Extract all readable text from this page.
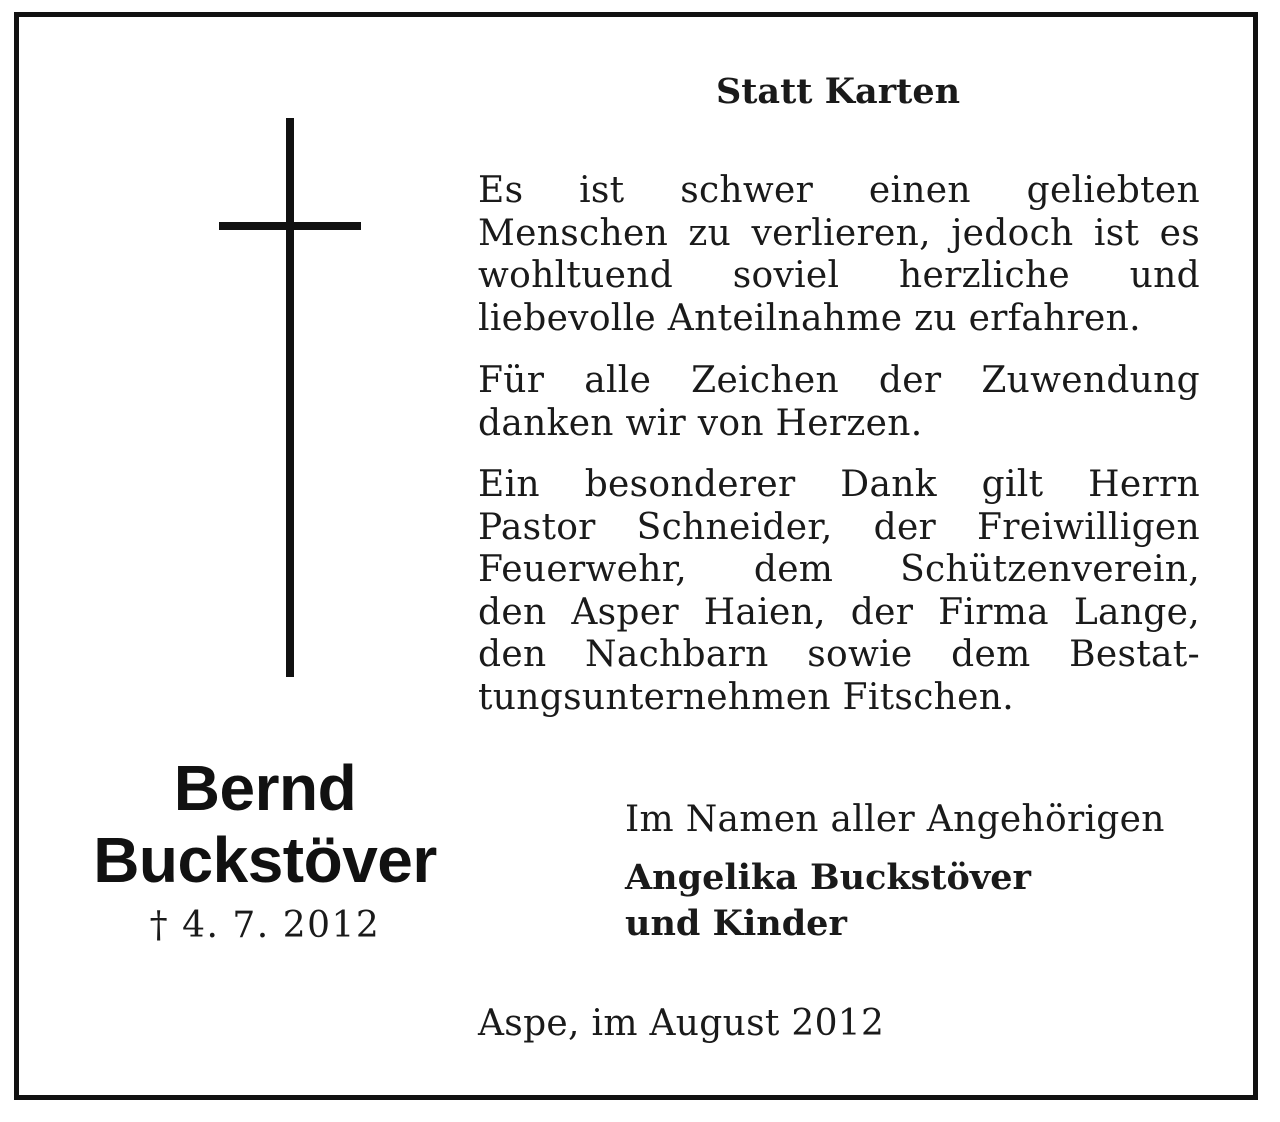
Statt Karten
Es ist schwer einen geliebten
Menschen zu verlieren, jedoch ist es
wohltuend soviel herzliche und
liebevolle Anteilnahme zu erfahren.
Für alle Zeichen der Zuwendung
danken wir von Herzen.
Ein besonderer Dank gilt Herrn
Pastor Schneider, der Freiwilligen
Feuerwehr, dem Schützenverein,
den Asper Haien, der Firma Lange,
den Nachbarn sowie dem Bestat-
tungsunternehmen Fitschen.
Bernd
Buckstöver
† 4. 7. 2012
Im Namen aller Angehörigen
Angelika Buckstöver
und Kinder
Aspe, im August 2012
